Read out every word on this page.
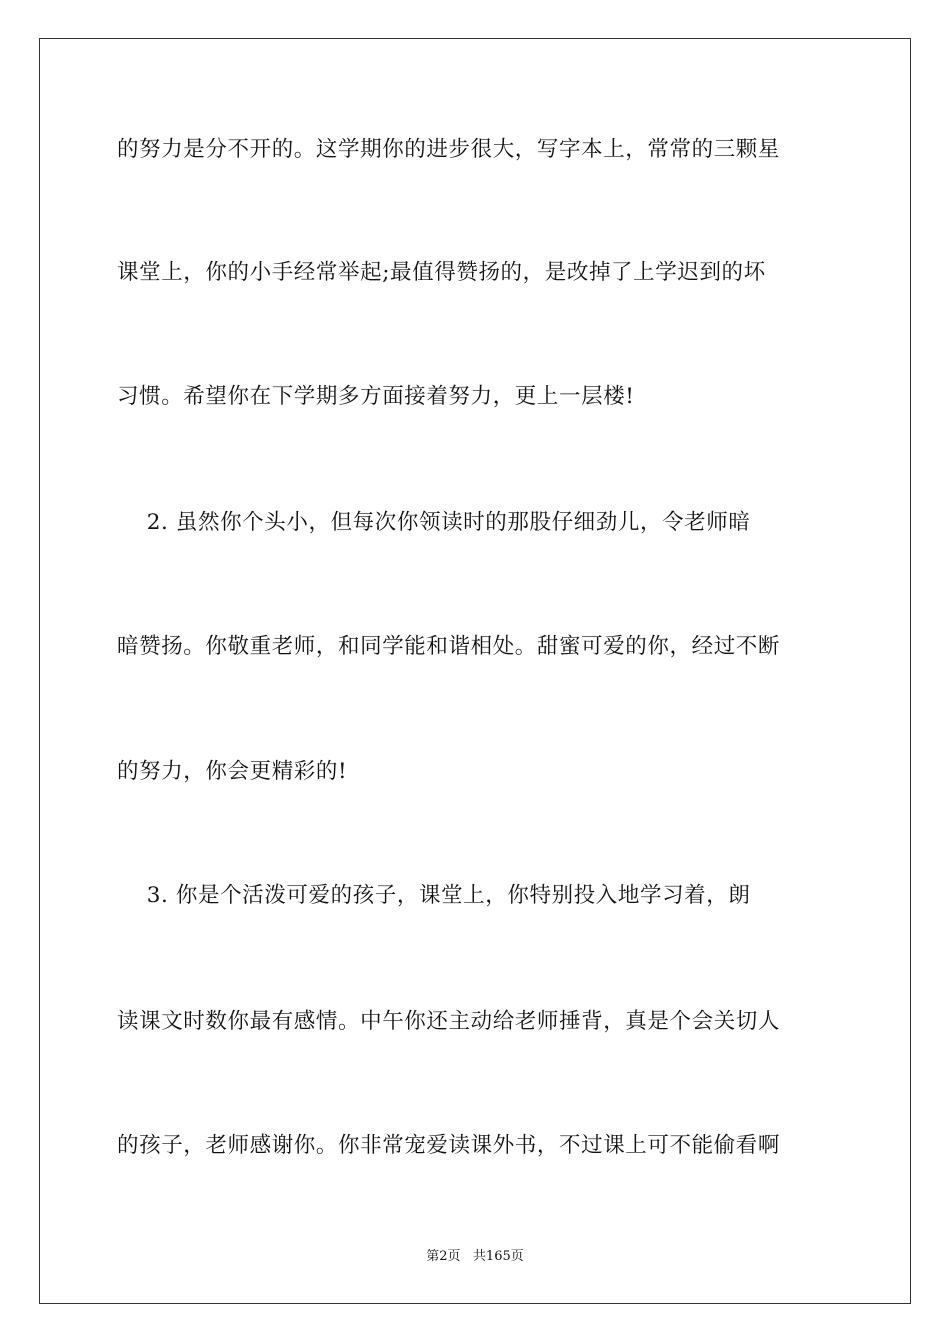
的努力是分不开的。这学期你的进步很大，写字本上，常常的三颗星
课堂上，你的小手经常举起;最值得赞扬的，是改掉了上学迟到的坏
习惯。希望你在下学期多方面接着努力，更上一层楼!
2. 虽然你个头小，但每次你领读时的那股仔细劲儿，令老师暗
暗赞扬。你敬重老师，和同学能和谐相处。甜蜜可爱的你，经过不断
的努力，你会更精彩的!
3. 你是个活泼可爱的孩子，课堂上，你特别投入地学习着，朗
读课文时数你最有感情。中午你还主动给老师捶背，真是个会关切人
的孩子，老师感谢你。你非常宠爱读课外书，不过课上可不能偷看啊
第2页   共165页
